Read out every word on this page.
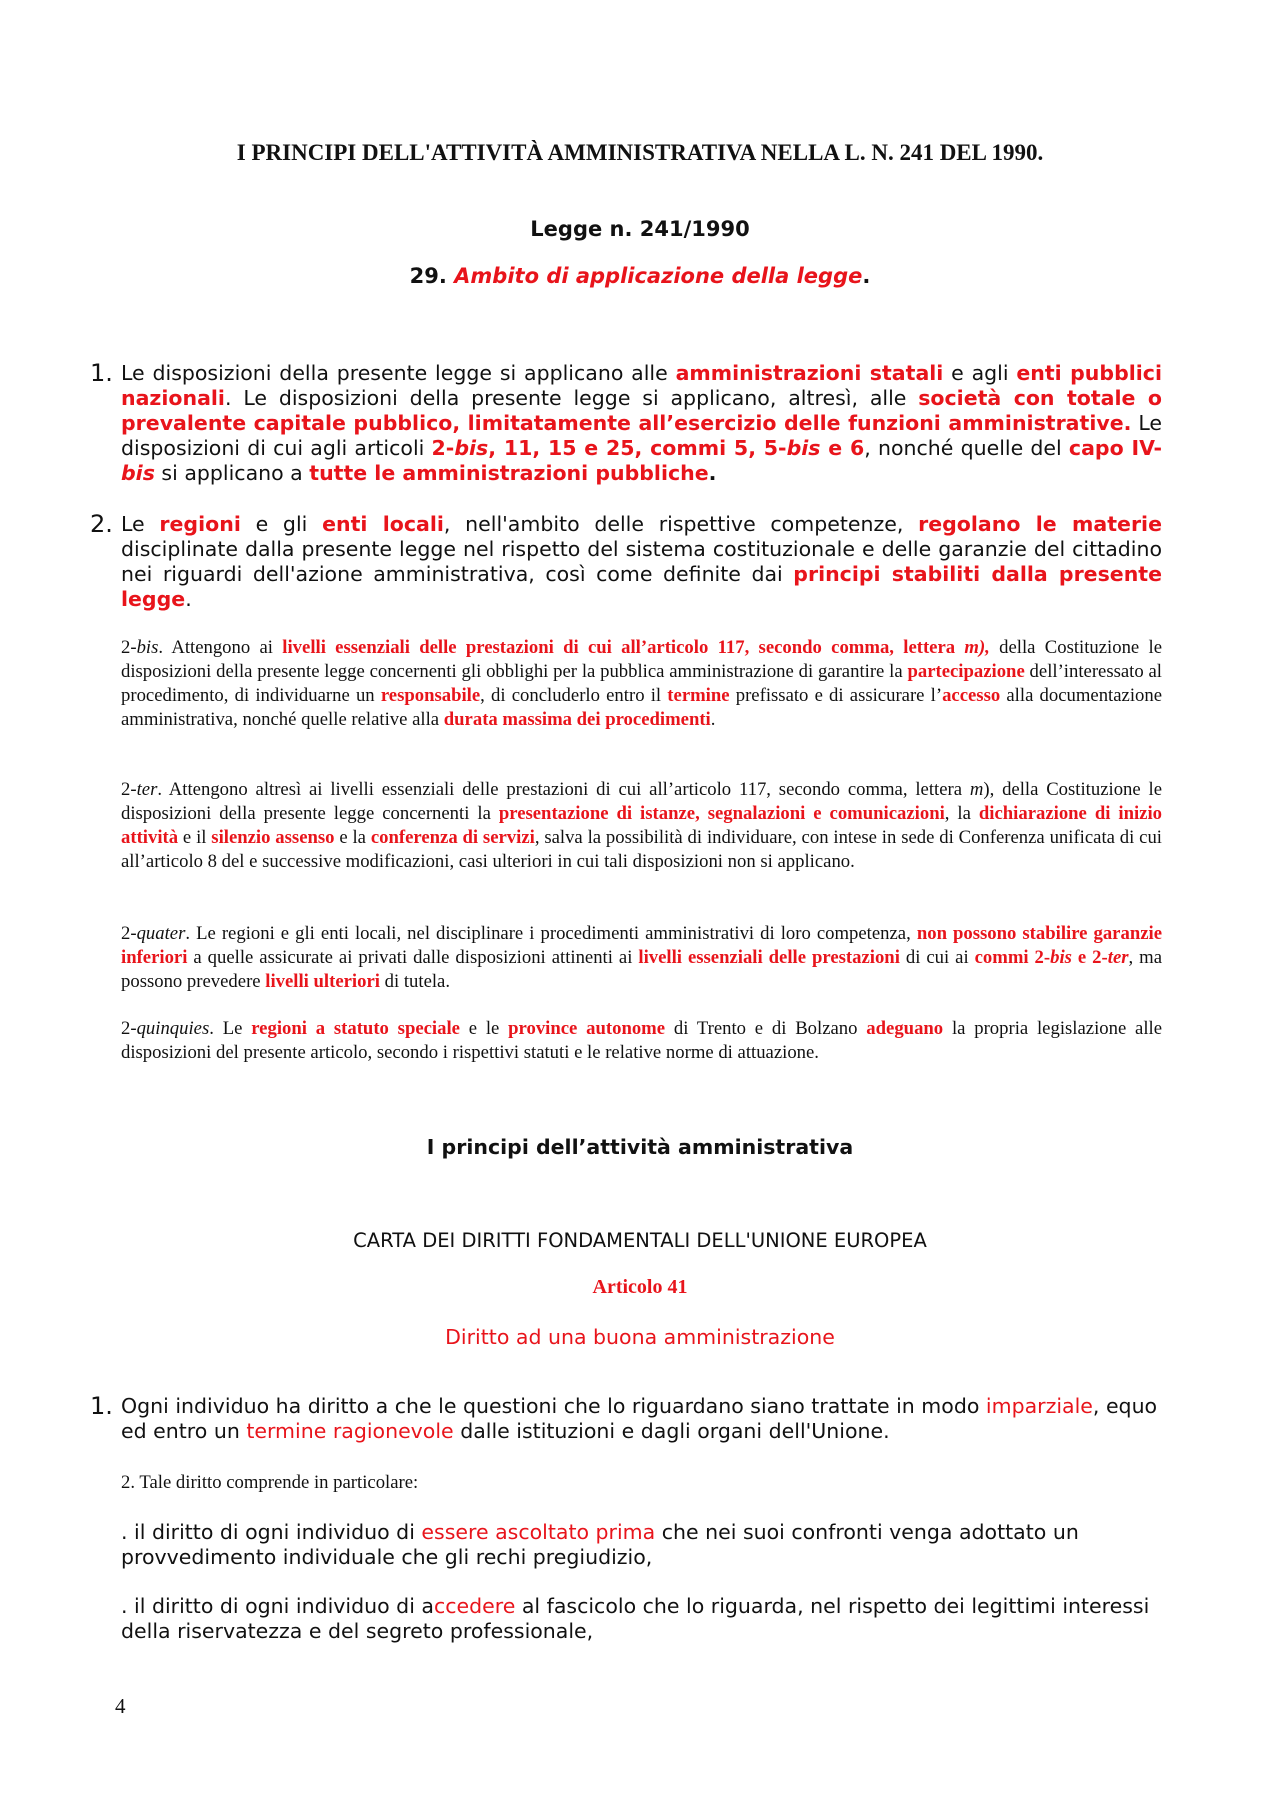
I PRINCIPI DELL'ATTIVITÀ AMMINISTRATIVA NELLA L. N. 241 DEL 1990.
Legge n. 241/1990
29. Ambito di applicazione della legge.
1. Le disposizioni della presente legge si applicano alle amministrazioni statali e agli enti pubblici nazionali. Le disposizioni della presente legge si applicano, altresì, alle società con totale o prevalente capitale pubblico, limitatamente all’esercizio delle funzioni amministrative. Le disposizioni di cui agli articoli 2-bis, 11, 15 e 25, commi 5, 5-bis e 6, nonché quelle del capo IV-bis si applicano a tutte le amministrazioni pubbliche.
2. Le regioni e gli enti locali, nell'ambito delle rispettive competenze, regolano le materie disciplinate dalla presente legge nel rispetto del sistema costituzionale e delle garanzie del cittadino nei riguardi dell'azione amministrativa, così come definite dai principi stabiliti dalla presente legge.
2-bis. Attengono ai livelli essenziali delle prestazioni di cui all’articolo 117, secondo comma, lettera m), della Costituzione le disposizioni della presente legge concernenti gli obblighi per la pubblica amministrazione di garantire la partecipazione dell’interessato al procedimento, di individuarne un responsabile, di concluderlo entro il termine prefissato e di assicurare l’accesso alla documentazione amministrativa, nonché quelle relative alla durata massima dei procedimenti.
2-ter. Attengono altresì ai livelli essenziali delle prestazioni di cui all’articolo 117, secondo comma, lettera m), della Costituzione le disposizioni della presente legge concernenti la presentazione di istanze, segnalazioni e comunicazioni, la dichiarazione di inizio attività e il silenzio assenso e la conferenza di servizi, salva la possibilità di individuare, con intese in sede di Conferenza unificata di cui all’articolo 8 del e successive modificazioni, casi ulteriori in cui tali disposizioni non si applicano.
2-quater. Le regioni e gli enti locali, nel disciplinare i procedimenti amministrativi di loro competenza, non possono stabilire garanzie inferiori a quelle assicurate ai privati dalle disposizioni attinenti ai livelli essenziali delle prestazioni di cui ai commi 2-bis e 2-ter, ma possono prevedere livelli ulteriori di tutela.
2-quinquies. Le regioni a statuto speciale e le province autonome di Trento e di Bolzano adeguano la propria legislazione alle disposizioni del presente articolo, secondo i rispettivi statuti e le relative norme di attuazione.
I principi dell’attività amministrativa
CARTA DEI DIRITTI FONDAMENTALI DELL'UNIONE EUROPEA
Articolo 41
Diritto ad una buona amministrazione
1. Ogni individuo ha diritto a che le questioni che lo riguardano siano trattate in modo imparziale, equo ed entro un termine ragionevole dalle istituzioni e dagli organi dell'Unione.
2. Tale diritto comprende in particolare:
. il diritto di ogni individuo di essere ascoltato prima che nei suoi confronti venga adottato un provvedimento individuale che gli rechi pregiudizio,
. il diritto di ogni individuo di accedere al fascicolo che lo riguarda, nel rispetto dei legittimi interessi della riservatezza e del segreto professionale,
4
